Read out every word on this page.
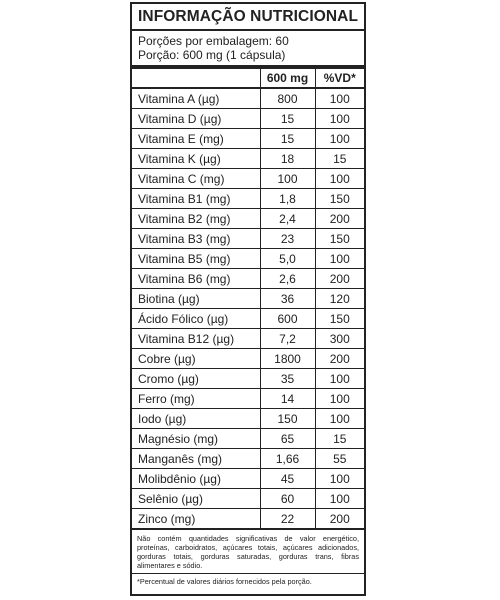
INFORMAÇÃO NUTRICIONAL
Porções por embalagem: 60
Porção: 600 mg (1 cápsula)
	600 mg	%VD*
Vitamina A (µg)	800	100
Vitamina D (µg)	15	100
Vitamina E (mg)	15	100
Vitamina K (µg)	18	15
Vitamina C (mg)	100	100
Vitamina B1 (mg)	1,8	150
Vitamina B2 (mg)	2,4	200
Vitamina B3 (mg)	23	150
Vitamina B5 (mg)	5,0	100
Vitamina B6 (mg)	2,6	200
Biotina (µg)	36	120
Ácido Fólico (µg)	600	150
Vitamina B12 (µg)	7,2	300
Cobre (µg)	1800	200
Cromo (µg)	35	100
Ferro (mg)	14	100
Iodo (µg)	150	100
Magnésio (mg)	65	15
Manganês (mg)	1,66	55
Molibdênio (µg)	45	100
Selênio (µg)	60	100
Zinco (mg)	22	200
Não contém quantidades significativas de valor energético, proteínas, carboidratos, açúcares totais, açúcares adicionados, gorduras totais, gorduras saturadas, gorduras trans, fibras alimentares e sódio.
*Percentual de valores diários fornecidos pela porção.
